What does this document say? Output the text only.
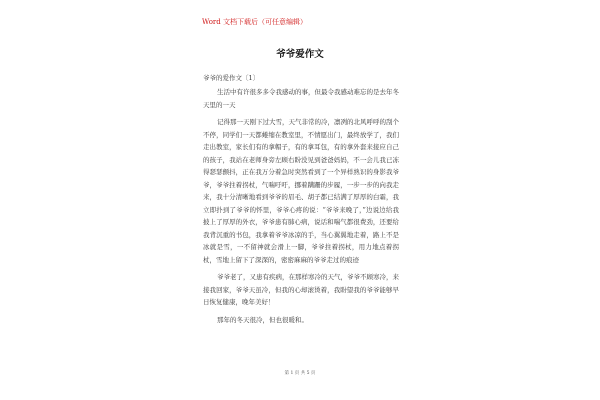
Word 文档下载后（可任意编辑）
爷爷爱作文
爷爷的爱作文〔1〕

生活中有许很多多令我感动的事，但最令我感动难忘的是去年冬天里的一天

记得那一天刚下过大雪，天气非常的冷，凛冽的北风呼呼的刮个不停，同学们一天都蜷缩在教室里，不情愿出门，最终放学了，我们走出教室，家长们有的拿帽子，有的拿耳包，有的拿外套来接应自己的孩子，我站在老师身旁左顾右盼没见到爸爸妈妈，不一会儿我已冻得瑟瑟颤抖，正在我万分着急时突然看到了一个异样熟识的身影我爷爷，爷爷拄着拐杖，气喘吁吁，挪着蹒跚的步履，一步一步的向我走来，我十分清晰地看到爷爷的眉毛、胡子都已结满了厚厚的白霜，我立即扑到了爷爷的怀里，爷爷心疼的说：“爷爷来晚了，”边说边给我披上了厚厚的外衣，爷爷患有肺心病，说话和喘气都很费劲，还要给我背沉重的书包，我拿着爷爷冰凉的手，当心翼翼地走着，路上不是冰就是雪，一不留神就会滑上一脚，爷爷拄着拐杖，用力地点着拐杖，雪地上留下了深深的，密密麻麻的爷爷走过的痕迹

爷爷老了，又患有疾病，在那样寒冷的天气，爷爷不顾寒冷，来接我回家，爷爷天虽冷，但我的心却滚烫着，我盼望我的爷爷能够早日恢复健康，晚年美好！

那年的冬天很冷，但也很暖和。

第 1 页 共 5 页
